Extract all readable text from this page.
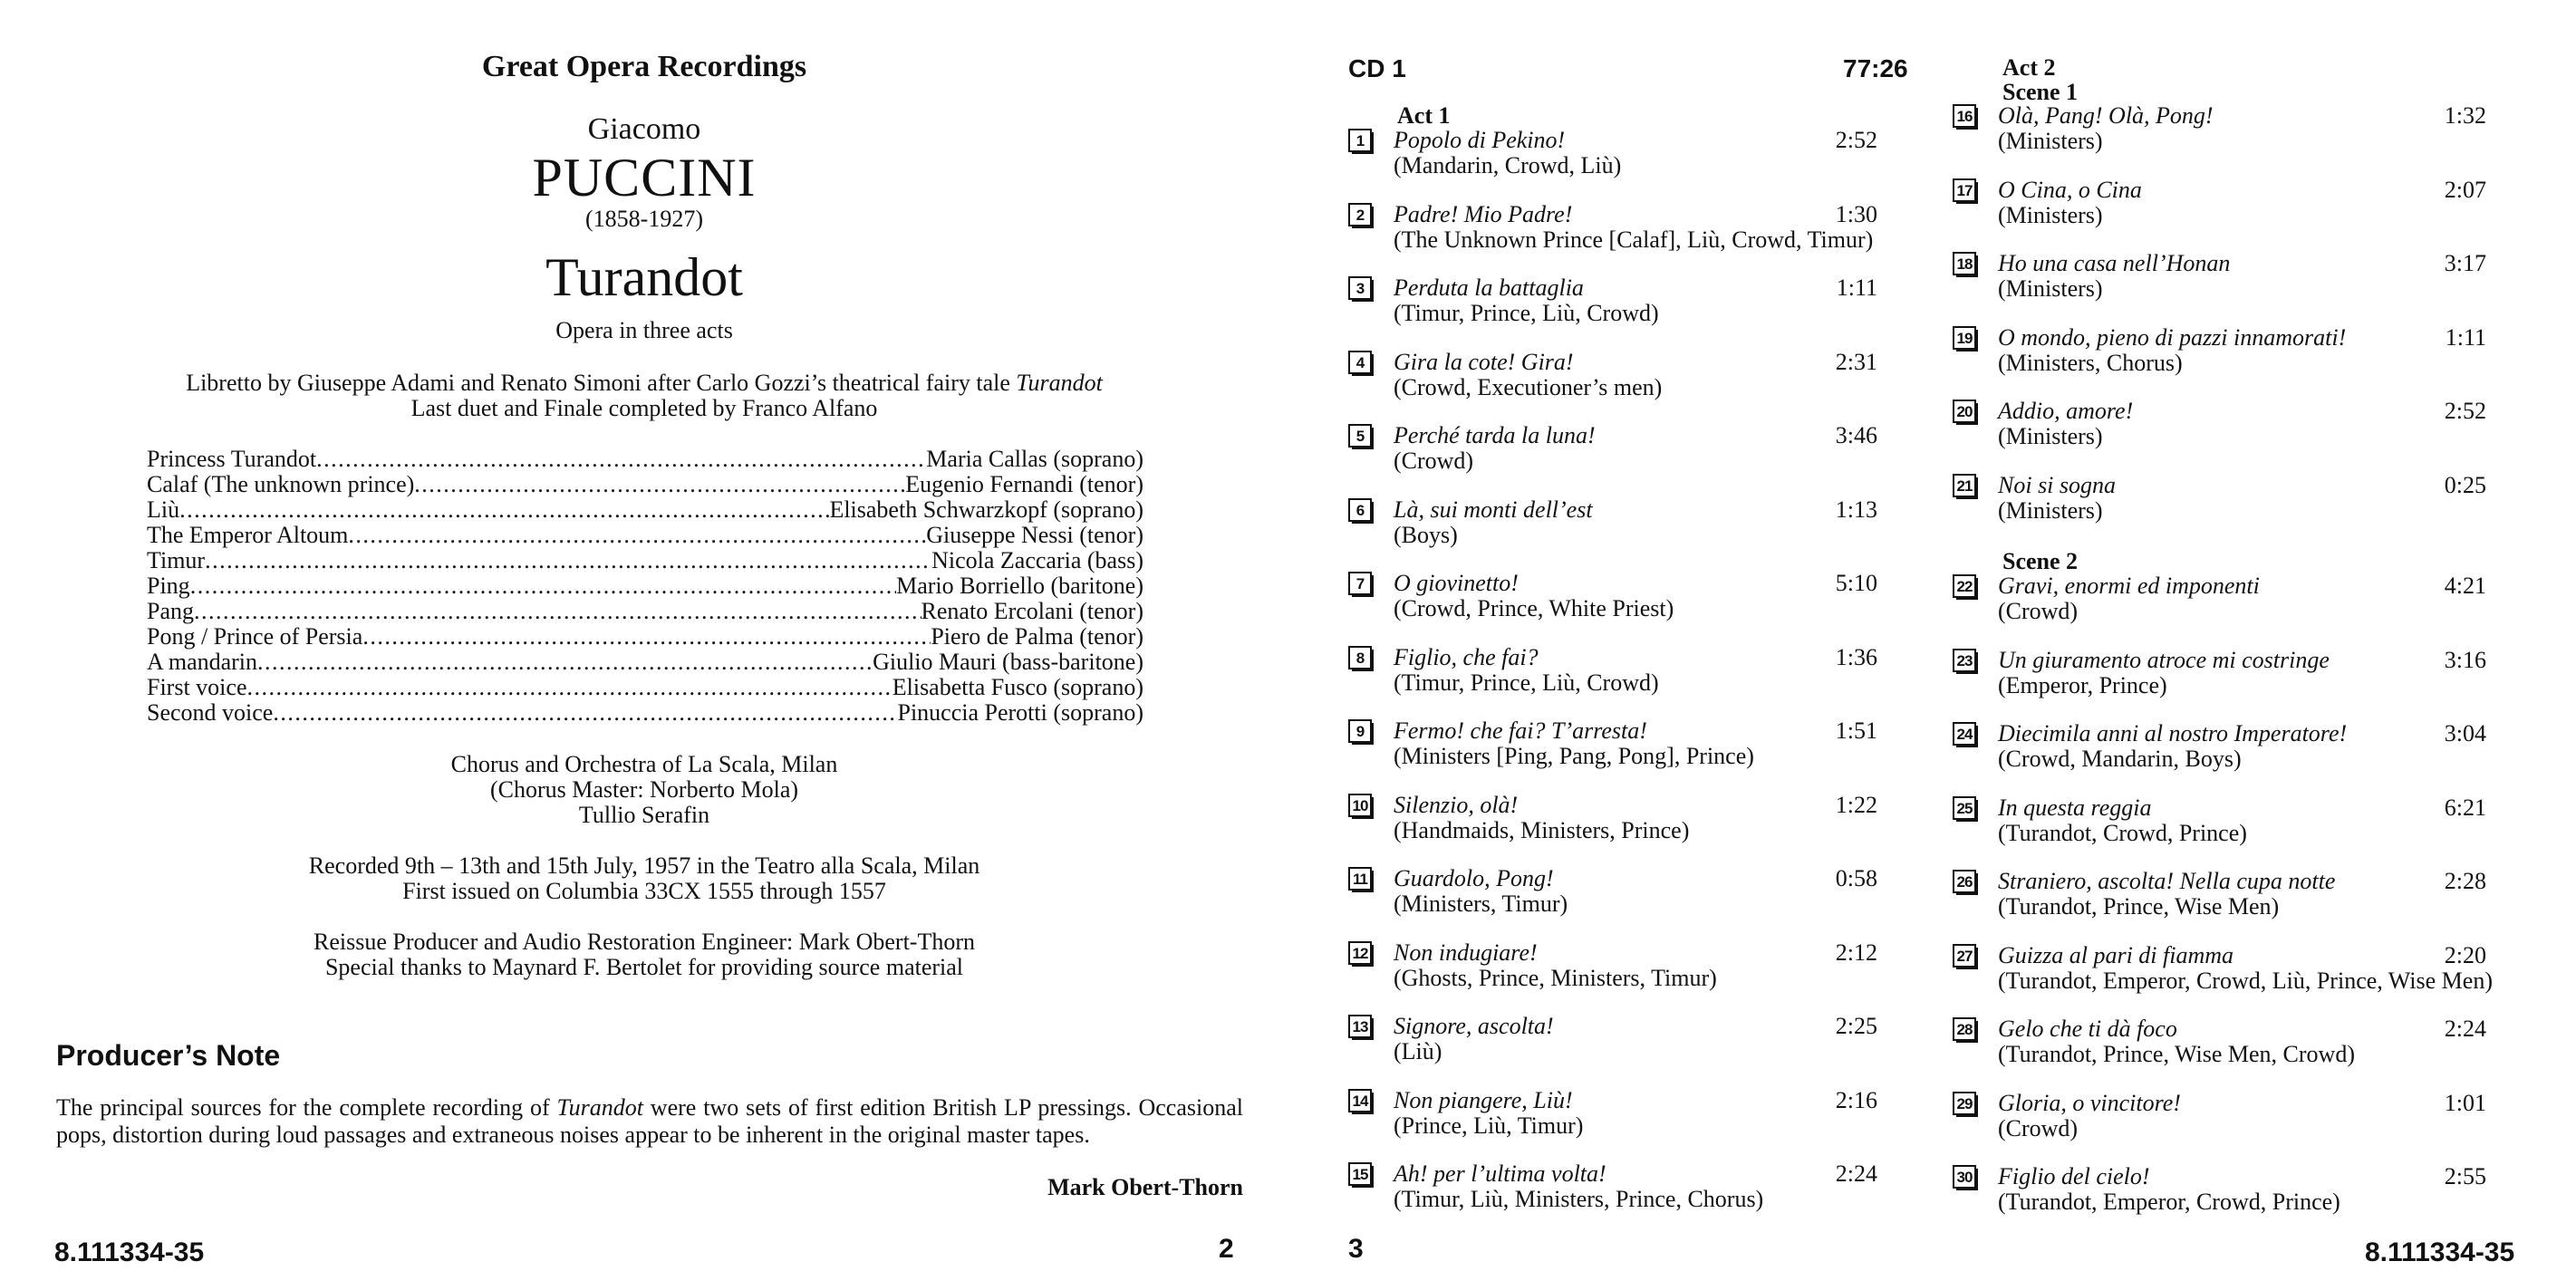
Great Opera Recordings
Giacomo
PUCCINI
(1858-1927)
Turandot
Opera in three acts
Libretto by Giuseppe Adami and Renato Simoni after Carlo Gozzi’s theatrical fairy tale Turandot
Last duet and Finale completed by Franco Alfano
Princess Turandot .....	Maria Callas (soprano)
Calaf (The unknown prince) .....	Eugenio Fernandi (tenor)
Liù .....	Elisabeth Schwarzkopf (soprano)
The Emperor Altoum .....	Giuseppe Nessi (tenor)
Timur .....	Nicola Zaccaria (bass)
Ping .....	Mario Borriello (baritone)
Pang .....	Renato Ercolani (tenor)
Pong / Prince of Persia .....	Piero de Palma (tenor)
A mandarin .....	Giulio Mauri (bass-baritone)
First voice .....	Elisabetta Fusco (soprano)
Second voice .....	Pinuccia Perotti (soprano)
Chorus and Orchestra of La Scala, Milan
(Chorus Master: Norberto Mola)
Tullio Serafin
Recorded 9th – 13th and 15th July, 1957 in the Teatro alla Scala, Milan
First issued on Columbia 33CX 1555 through 1557
Reissue Producer and Audio Restoration Engineer: Mark Obert-Thorn
Special thanks to Maynard F. Bertolet for providing source material
Producer’s Note
The principal sources for the complete recording of Turandot were two sets of first edition British LP pressings. Occasional pops, distortion during loud passages and extraneous noises appear to be inherent in the original master tapes.
Mark Obert-Thorn
8.111334-35	2
CD 1	77:26
Act 1
Act 2
Scene 1
Scene 2
1	Popolo di Pekino!	2:52
(Mandarin, Crowd, Liù)
2	Padre! Mio Padre!	1:30
(The Unknown Prince [Calaf], Liù, Crowd, Timur)
3	Perduta la battaglia	1:11
(Timur, Prince, Liù, Crowd)
4	Gira la cote! Gira!	2:31
(Crowd, Executioner’s men)
5	Perché tarda la luna!	3:46
(Crowd)
6	Là, sui monti dell’est	1:13
(Boys)
7	O giovinetto!	5:10
(Crowd, Prince, White Priest)
8	Figlio, che fai?	1:36
(Timur, Prince, Liù, Crowd)
9	Fermo! che fai? T’arresta!	1:51
(Ministers [Ping, Pang, Pong], Prince)
10 Silenzio, olà!	1:22
(Handmaids, Ministers, Prince)
11 Guardolo, Pong!	0:58
(Ministers, Timur)
12 Non indugiare!	2:12
(Ghosts, Prince, Ministers, Timur)
13 Signore, ascolta!	2:25
(Liù)
14 Non piangere, Liù!	2:16
(Prince, Liù, Timur)
15 Ah! per l’ultima volta!	2:24
(Timur, Liù, Ministers, Prince, Chorus)
16 Olà, Pang! Olà, Pong!	1:32
(Ministers)
17 O Cina, o Cina	2:07
(Ministers)
18 Ho una casa nell’Honan	3:17
(Ministers)
19 O mondo, pieno di pazzi innamorati!	1:11
(Ministers, Chorus)
20 Addio, amore!	2:52
(Ministers)
21 Noi si sogna	0:25
(Ministers)
22 Gravi, enormi ed imponenti	4:21
(Crowd)
23 Un giuramento atroce mi costringe	3:16
(Emperor, Prince)
24 Diecimila anni al nostro Imperatore!	3:04
(Crowd, Mandarin, Boys)
25 In questa reggia	6:21
(Turandot, Crowd, Prince)
26 Straniero, ascolta! Nella cupa notte	2:28
(Turandot, Prince, Wise Men)
27 Guizza al pari di fiamma	2:20
(Turandot, Emperor, Crowd, Liù, Prince, Wise Men)
28 Gelo che ti dà foco	2:24
(Turandot, Prince, Wise Men, Crowd)
29 Gloria, o vincitore!	1:01
(Crowd)
30 Figlio del cielo!	2:55
(Turandot, Emperor, Crowd, Prince)
3	8.111334-35
